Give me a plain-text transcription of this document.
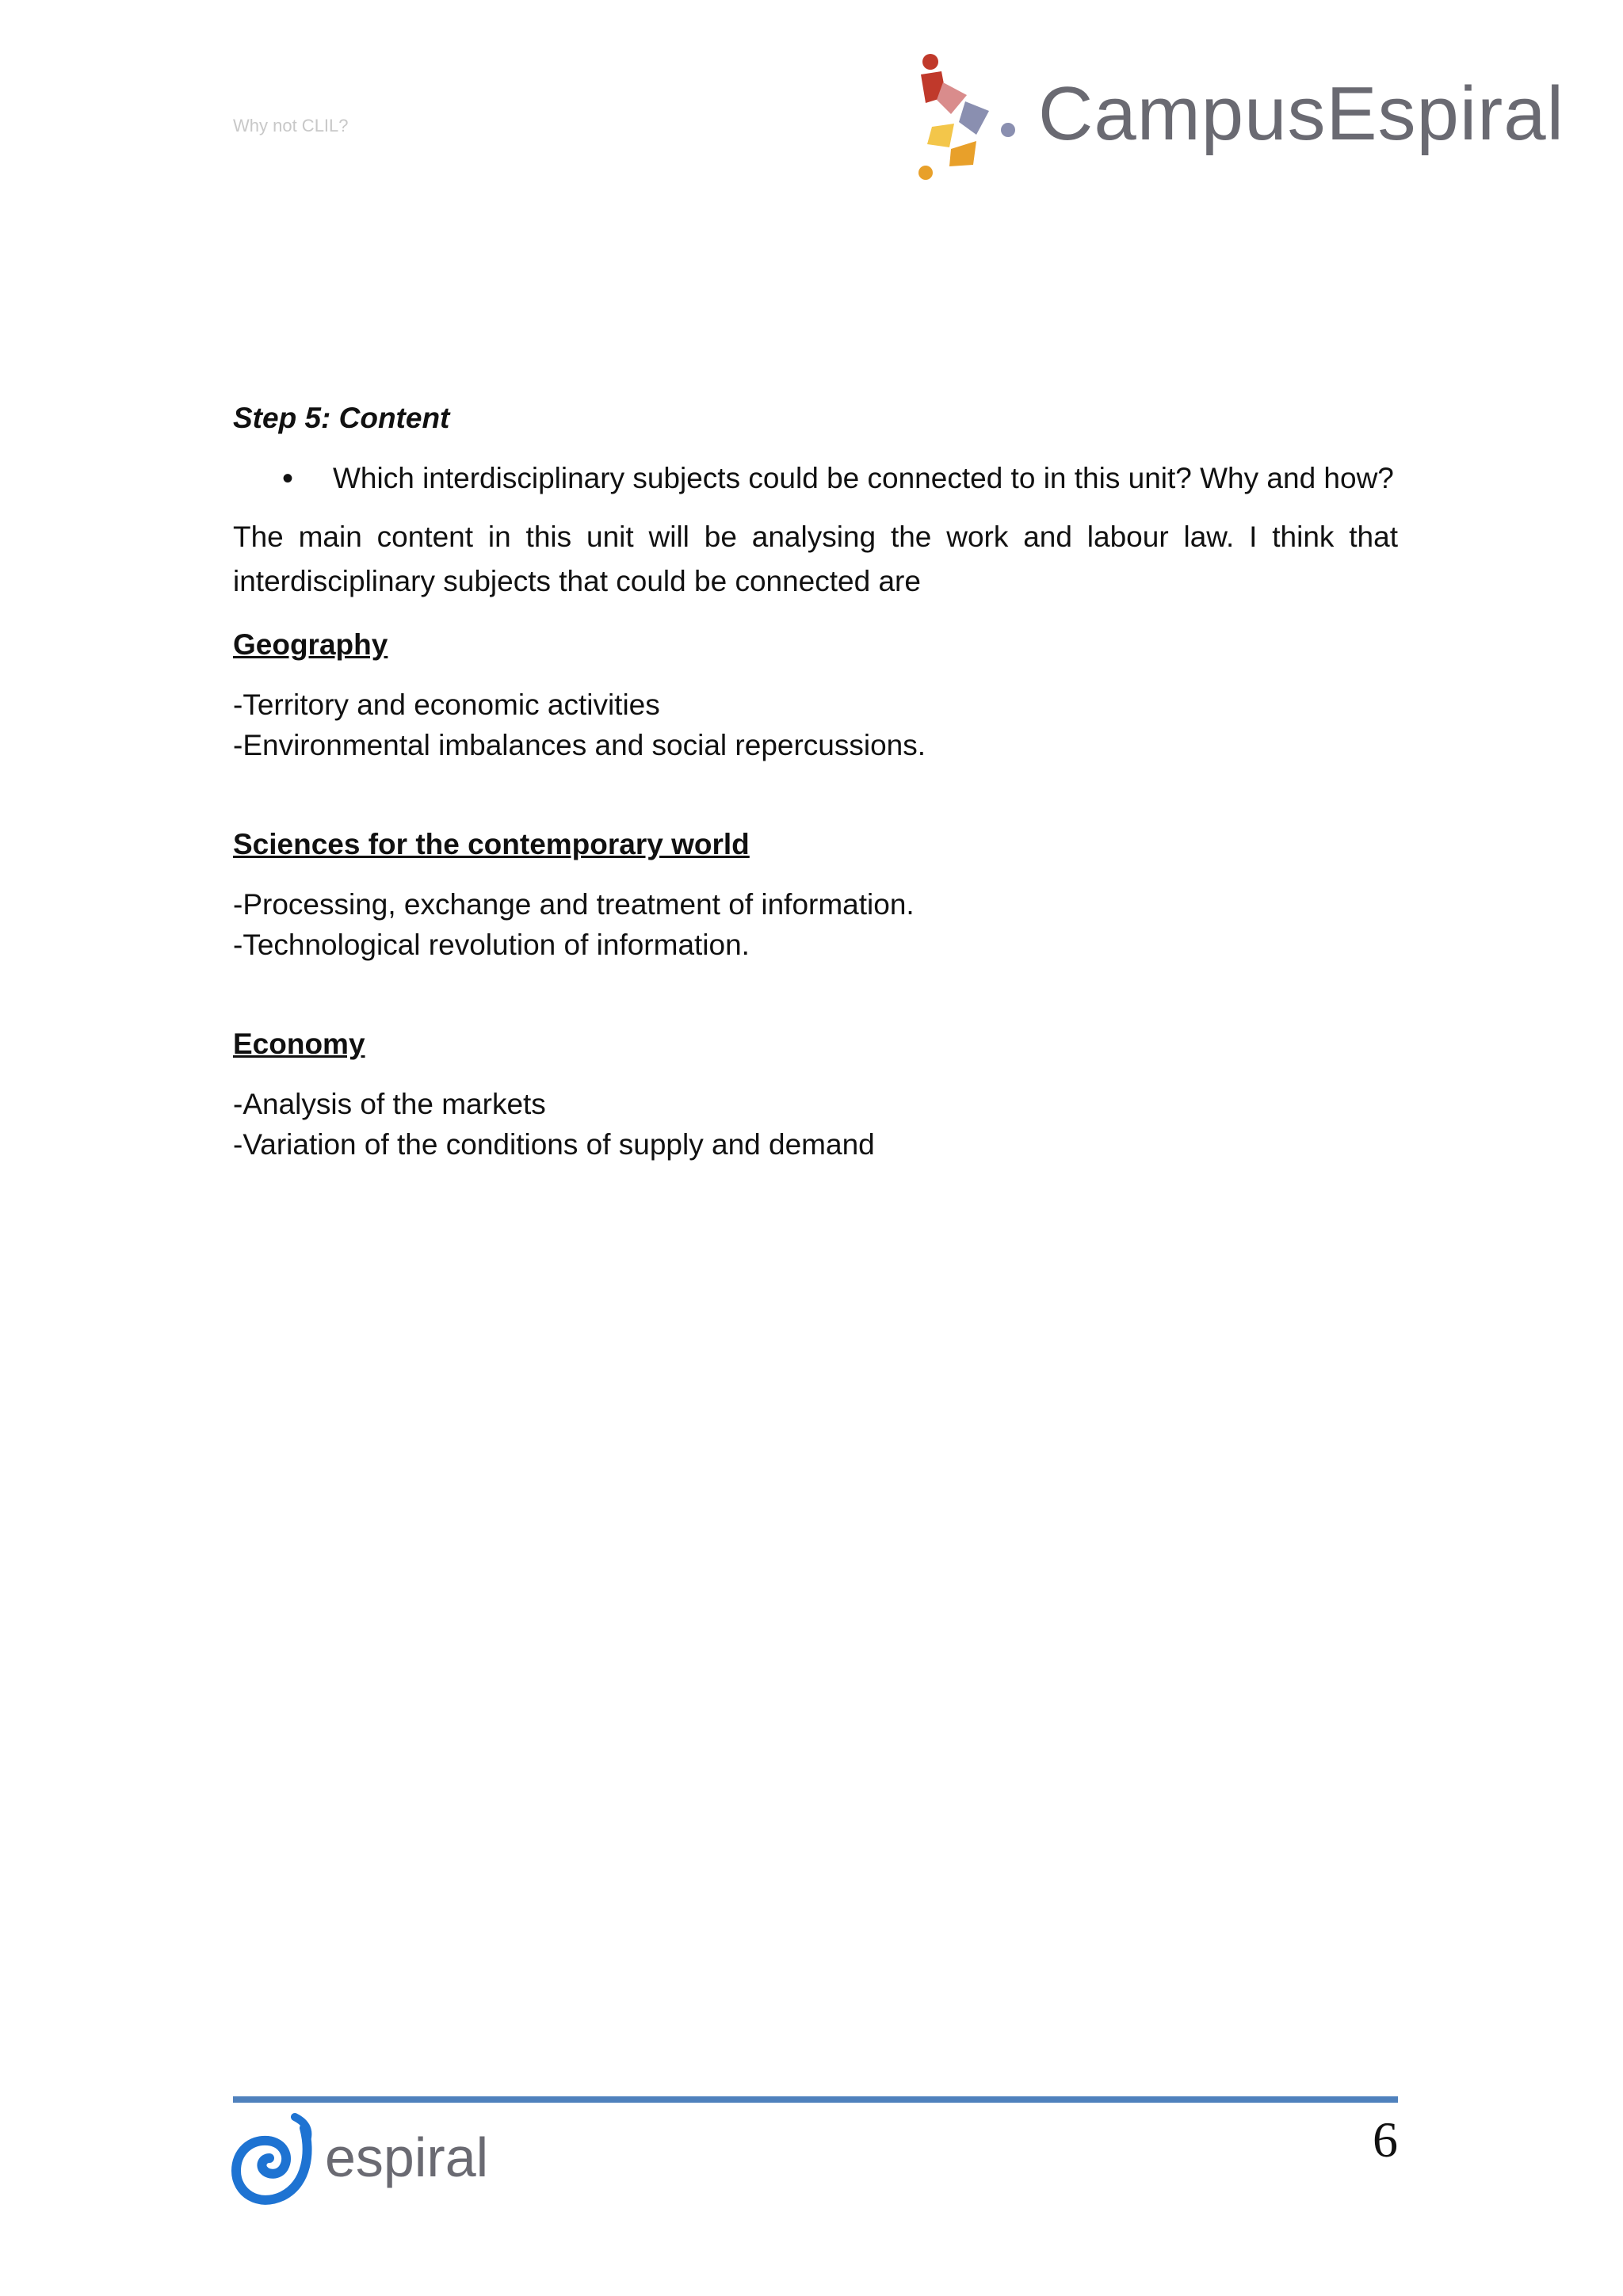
Why not CLIL?	CampusEspiral
Step 5: Content
•	Which interdisciplinary subjects could be connected to in this unit? Why and how?
The main content in this unit will be analysing the work and labour law. I think that interdisciplinary subjects that could be connected are
Geography
-Territory and economic activities
-Environmental imbalances and social repercussions.
Sciences for the contemporary world
-Processing, exchange and treatment of information.
-Technological revolution of information.
Economy
-Analysis of the markets
-Variation of the conditions of supply and demand
espiral	6
